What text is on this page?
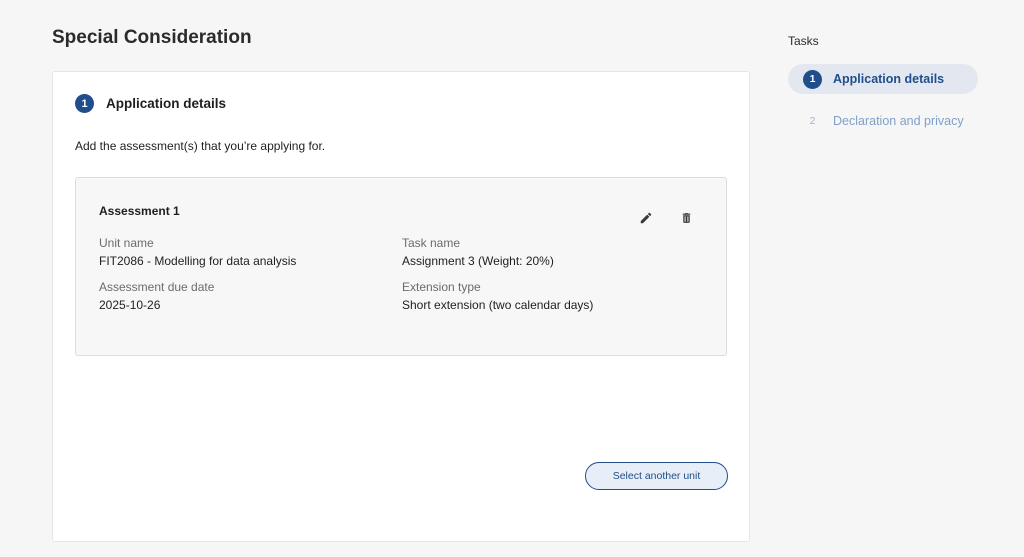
Special Consideration
1	Application details

Add the assessment(s) that you’re applying for.

Assessment 1
Unit name
FIT2086 - Modelling for data analysis
Task name
Assignment 3 (Weight: 20%)
Assessment due date
2025-10-26
Extension type
Short extension (two calendar days)
Select another unit
Tasks
1	Application details
2	Declaration and privacy
